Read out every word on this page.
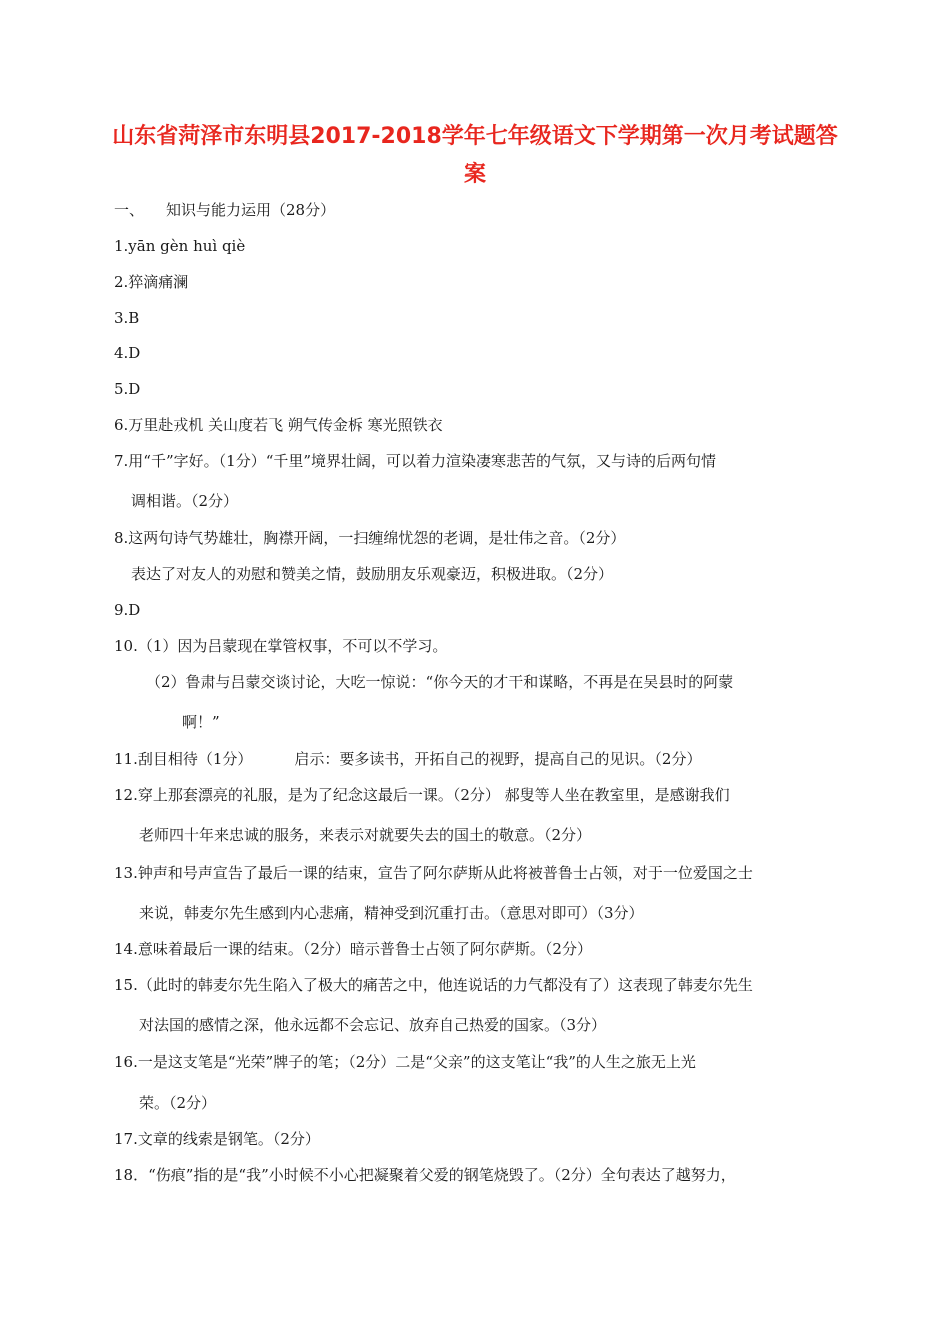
山东省菏泽市东明县2017-2018学年七年级语文下学期第一次月考试题答
案
一、 知识与能力运用（28分）
1.yān gèn huì qiè
2.猝滴痛澜
3.B
4.D
5.D
6.万里赴戎机 关山度若飞 朔气传金柝 寒光照铁衣
7.用“千”字好。（1分）“千里”境界壮阔，可以着力渲染凄寒悲苦的气氛，又与诗的后两句情
调相谐。（2分）
8.这两句诗气势雄壮，胸襟开阔，一扫缠绵忧怨的老调，是壮伟之音。（2分）
表达了对友人的劝慰和赞美之情，鼓励朋友乐观豪迈，积极进取。（2分）
9.D
10.（1）因为吕蒙现在掌管权事，不可以不学习。
（2）鲁肃与吕蒙交谈讨论，大吃一惊说：“你今天的才干和谋略，不再是在吴县时的阿蒙
啊！”
11.刮目相待（1分）	启示：要多读书，开拓自己的视野，提高自己的见识。（2分）
12.穿上那套漂亮的礼服，是为了纪念这最后一课。（2分） 郝叟等人坐在教室里，是感谢我们
老师四十年来忠诚的服务，来表示对就要失去的国土的敬意。（2分）
13.钟声和号声宣告了最后一课的结束，宣告了阿尔萨斯从此将被普鲁士占领，对于一位爱国之士
来说，韩麦尔先生感到内心悲痛，精神受到沉重打击。（意思对即可）（3分）
14.意味着最后一课的结束。（2分）暗示普鲁士占领了阿尔萨斯。（2分）
15.（此时的韩麦尔先生陷入了极大的痛苦之中，他连说话的力气都没有了）这表现了韩麦尔先生
对法国的感情之深，他永远都不会忘记、放弃自己热爱的国家。（3分）
16.一是这支笔是“光荣”牌子的笔；（2分）二是“父亲”的这支笔让“我”的人生之旅无上光
荣。（2分）
17.文章的线索是钢笔。（2分）
18．“伤痕”指的是“我”小时候不小心把凝聚着父爱的钢笔烧毁了。（2分）全句表达了越努力，
